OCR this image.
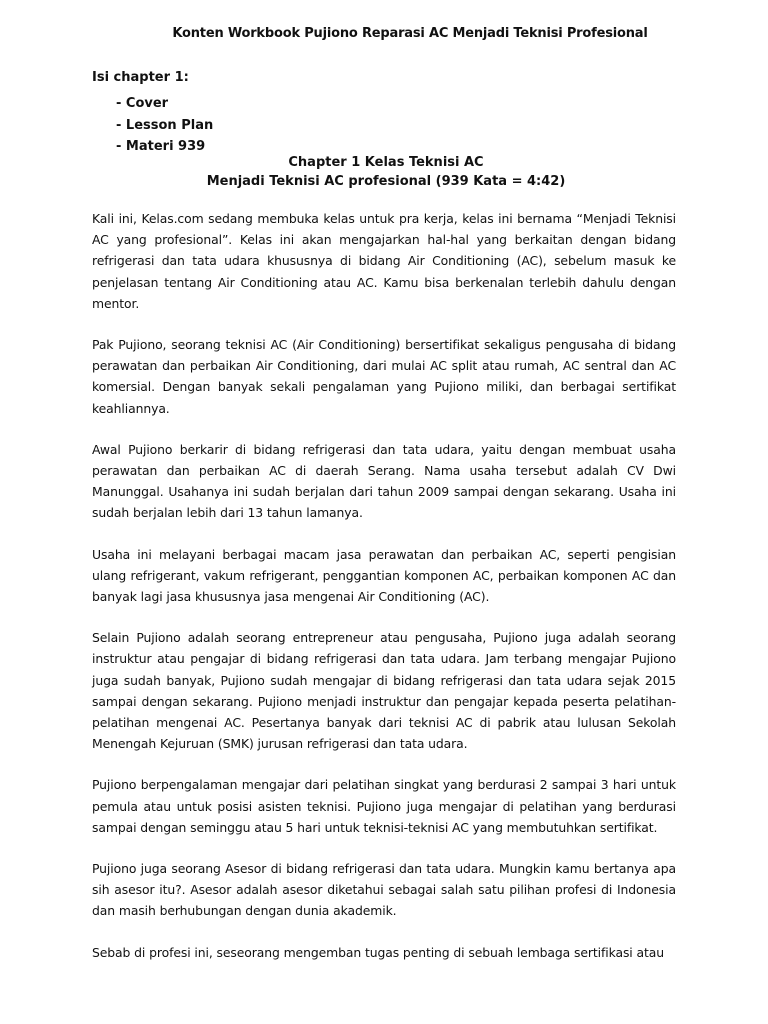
Konten Workbook Pujiono Reparasi AC Menjadi Teknisi Profesional
Isi chapter 1:
- Cover
- Lesson Plan
- Materi 939
Chapter 1 Kelas Teknisi AC
Menjadi Teknisi AC profesional (939 Kata = 4:42)

Kali ini, Kelas.com sedang membuka kelas untuk pra kerja, kelas ini bernama “Menjadi Teknisi AC yang profesional”. Kelas ini akan mengajarkan hal-hal yang berkaitan dengan bidang refrigerasi dan tata udara khususnya di bidang Air Conditioning (AC), sebelum masuk ke penjelasan tentang Air Conditioning atau AC. Kamu bisa berkenalan terlebih dahulu dengan mentor.

Pak Pujiono, seorang teknisi AC (Air Conditioning) bersertifikat sekaligus pengusaha di bidang perawatan dan perbaikan Air Conditioning, dari mulai AC split atau rumah, AC sentral dan AC komersial. Dengan banyak sekali pengalaman yang Pujiono miliki, dan berbagai sertifikat keahliannya.

Awal Pujiono berkarir di bidang refrigerasi dan tata udara, yaitu dengan membuat usaha perawatan dan perbaikan AC di daerah Serang. Nama usaha tersebut adalah CV Dwi Manunggal. Usahanya ini sudah berjalan dari tahun 2009 sampai dengan sekarang. Usaha ini sudah berjalan lebih dari 13 tahun lamanya.

Usaha ini melayani berbagai macam jasa perawatan dan perbaikan AC, seperti pengisian ulang refrigerant, vakum refrigerant, penggantian komponen AC, perbaikan komponen AC dan banyak lagi jasa khususnya jasa mengenai Air Conditioning (AC).

Selain Pujiono adalah seorang entrepreneur atau pengusaha, Pujiono juga adalah seorang instruktur atau pengajar di bidang refrigerasi dan tata udara. Jam terbang mengajar Pujiono juga sudah banyak, Pujiono sudah mengajar di bidang refrigerasi dan tata udara sejak 2015 sampai dengan sekarang. Pujiono menjadi instruktur dan pengajar kepada peserta pelatihan-pelatihan mengenai AC. Pesertanya banyak dari teknisi AC di pabrik atau lulusan Sekolah Menengah Kejuruan (SMK) jurusan refrigerasi dan tata udara.

Pujiono berpengalaman mengajar dari pelatihan singkat yang berdurasi 2 sampai 3 hari untuk pemula atau untuk posisi asisten teknisi. Pujiono juga mengajar di pelatihan yang berdurasi sampai dengan seminggu atau 5 hari untuk teknisi-teknisi AC yang membutuhkan sertifikat.

Pujiono juga seorang Asesor di bidang refrigerasi dan tata udara. Mungkin kamu bertanya apa sih asesor itu?. Asesor adalah asesor diketahui sebagai salah satu pilihan profesi di Indonesia dan masih berhubungan dengan dunia akademik.

Sebab di profesi ini, seseorang mengemban tugas penting di sebuah lembaga sertifikasi atau
